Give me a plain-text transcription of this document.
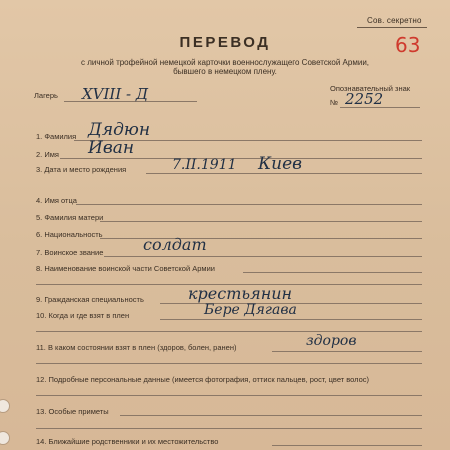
Сов. секретно
63
ПЕРЕВОД
с личной трофейной немецкой карточки военнослужащего Советской Армии,
бывшего в немецком плену.
Лагерь XVIII - Д	Опознавательный знак
№ 2252
1. Фамилия Дядюн
2. Имя Иван
3. Дата и место рождения	7.II.1911 Киев
4. Имя отца
5. Фамилия матери
6. Национальность
7. Воинское звание солдат
8. Наименование воинской части Советской Армии
9. Гражданская специальность	крестьянин
10. Когда и где взят в плен	Бере Дягава
11. В каком состоянии взят в плен (здоров, болен, ранен)	здоров
12. Подробные персональные данные (имеется фотография, оттиск пальцев, рост, цвет волос)
13. Особые приметы
14. Ближайшие родственники и их местожительство
